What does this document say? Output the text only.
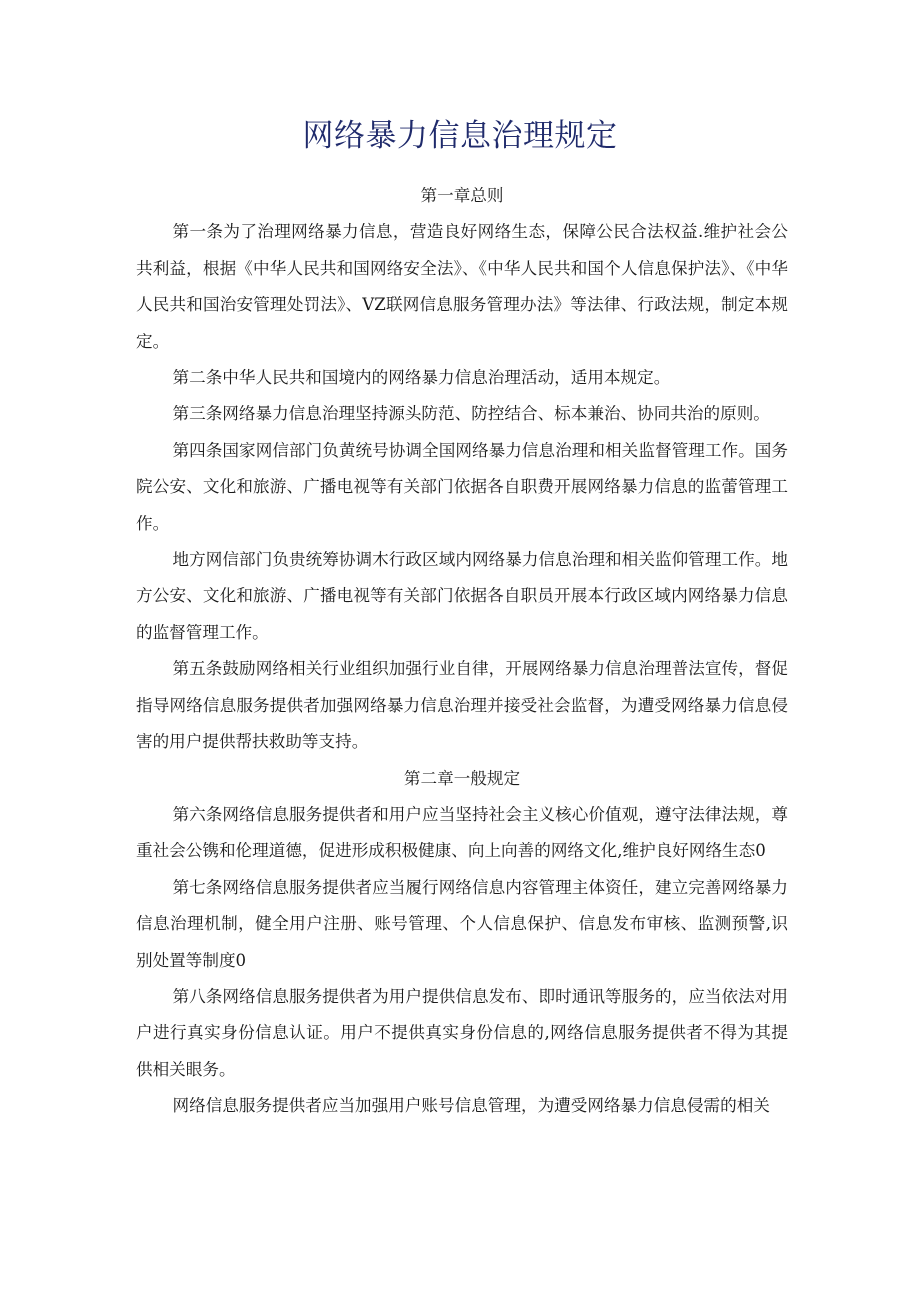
网络暴力信息治理规定

第一章总则

第一条为了治理网络暴力信息，营造良好网络生态，保障公民合法权益.维护社会公共利益，根据《中华人民共和国网络安全法》、《中华人民共和国个人信息保护法》、《中华人民共和国治安管理处罚法》、VZ联网信息服务管理办法》等法律、行政法规，制定本规定。

第二条中华人民共和国境内的网络暴力信息治理活动，适用本规定。

第三条网络暴力信息治理坚持源头防范、防控结合、标本兼治、协同共治的原则。

第四条国家网信部门负黄统号协调全国网络暴力信息治理和相关监督管理工作。国务院公安、文化和旅游、广播电视等有关部门依据各自职费开展网络暴力信息的监蕾管理工作。

地方网信部门负贵统筹协调木行政区域内网络暴力信息治理和相关监仰管理工作。地方公安、文化和旅游、广播电视等有关部门依据各自职员开展本行政区域内网络暴力信息的监督管理工作。

第五条鼓励网络相关行业组织加强行业自律，开展网络暴力信息治理普法宣传，督促指导网络信息服务提供者加强网络暴力信息治理并接受社会监督，为遭受网络暴力信息侵害的用户提供帮扶救助等支持。

第二章一般规定

第六条网络信息服务提供者和用户应当坚持社会主义核心价值观，遵守法律法规，尊重社会公镌和伦理道德，促进形成积极健康、向上向善的网络文化,维护良好网络生态0

第七条网络信息服务提供者应当履行网络信息内容管理主体资任，建立完善网络暴力信息治理机制，健全用户注册、账号管理、个人信息保护、信息发布审核、监测预警,识别处置等制度0

第八条网络信息服务提供者为用户提供信息发布、即时通讯等服务的，应当依法对用户进行真实身份信息认证。用户不提供真实身份信息的,网络信息服务提供者不得为其提供相关眼务。

网络信息服务提供者应当加强用户账号信息管理，为遭受网络暴力信息侵需的相关
